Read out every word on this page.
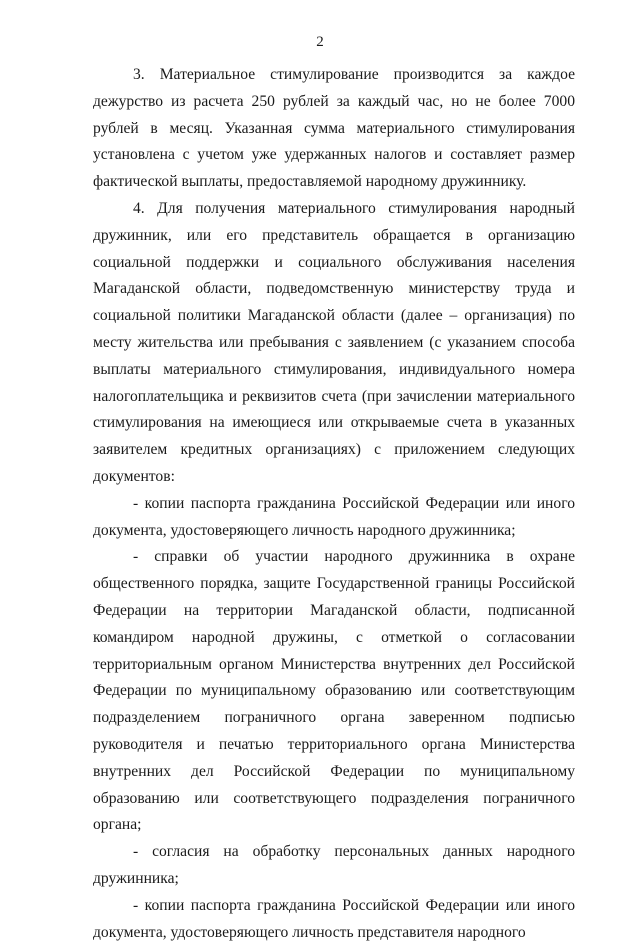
2

3. Материальное стимулирование производится за каждое дежурство из расчета 250 рублей за каждый час, но не более 7000 рублей в месяц. Указанная сумма материального стимулирования установлена с учетом уже удержанных налогов и составляет размер фактической выплаты, предоставляемой народному дружиннику.

4. Для получения материального стимулирования народный дружинник, или его представитель обращается в организацию социальной поддержки и социального обслуживания населения Магаданской области, подведомственную министерству труда и социальной политики Магаданской области (далее – организация) по месту жительства или пребывания с заявлением (с указанием способа выплаты материального стимулирования, индивидуального номера налогоплательщика и реквизитов счета (при зачислении материального стимулирования на имеющиеся или открываемые счета в указанных заявителем кредитных организациях) с приложением следующих документов:

- копии паспорта гражданина Российской Федерации или иного документа, удостоверяющего личность народного дружинника;

- справки об участии народного дружинника в охране общественного порядка, защите Государственной границы Российской Федерации на территории Магаданской области, подписанной командиром народной дружины, с отметкой о согласовании территориальным органом Министерства внутренних дел Российской Федерации по муниципальному образованию или соответствующим подразделением пограничного органа заверенном подписью руководителя и печатью территориального органа Министерства внутренних дел Российской Федерации по муниципальному образованию или соответствующего подразделения пограничного органа;

- согласия на обработку персональных данных народного дружинника;

- копии паспорта гражданина Российской Федерации или иного документа, удостоверяющего личность представителя народного
